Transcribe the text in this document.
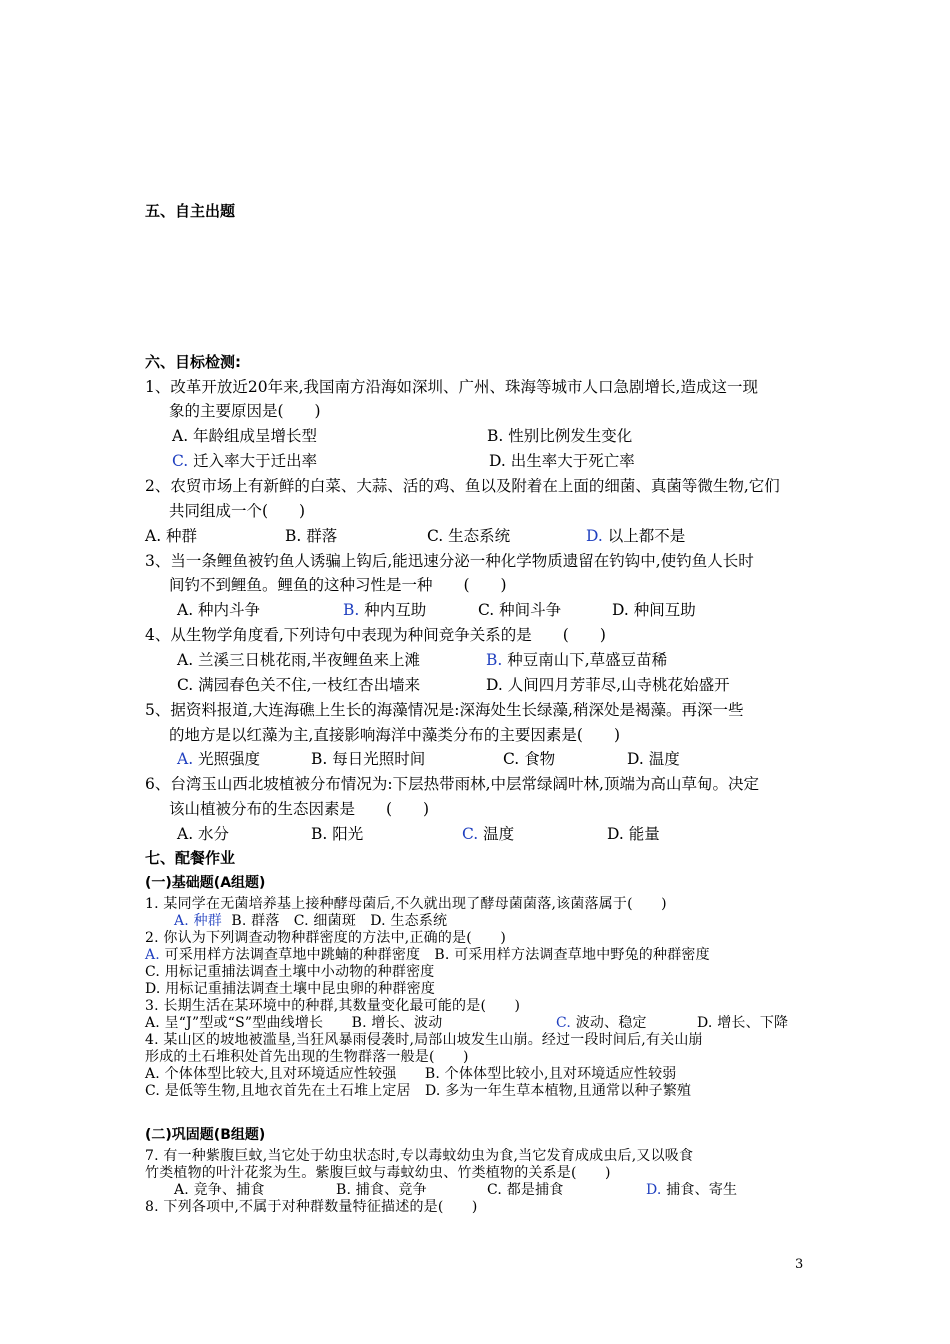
五、自主出题
六、目标检测:
1、改革开放近20年来,我国南方沿海如深圳、广州、珠海等城市人口急剧增长,造成这一现
象的主要原因是(　　)
A. 年龄组成呈增长型	B. 性别比例发生变化
C. 迁入率大于迁出率	D. 出生率大于死亡率
2、农贸市场上有新鲜的白菜、大蒜、活的鸡、鱼以及附着在上面的细菌、真菌等微生物,它们
共同组成一个(　　)
A. 种群	B. 群落	C. 生态系统	D. 以上都不是
3、当一条鲤鱼被钓鱼人诱骗上钩后,能迅速分泌一种化学物质遗留在钓钩中,使钓鱼人长时
间钓不到鲤鱼。鲤鱼的这种习性是一种　　(　　)
A. 种内斗争	B. 种内互助	C. 种间斗争	D. 种间互助
4、从生物学角度看,下列诗句中表现为种间竞争关系的是　　(　　)
A. 兰溪三日桃花雨,半夜鲤鱼来上滩	B. 种豆南山下,草盛豆苗稀
C. 满园春色关不住,一枝红杏出墙来	D. 人间四月芳菲尽,山寺桃花始盛开
5、据资料报道,大连海礁上生长的海藻情况是:深海处生长绿藻,稍深处是褐藻。再深一些
的地方是以红藻为主,直接影响海洋中藻类分布的主要因素是(　　)
A. 光照强度	B. 每日光照时间	C. 食物	D. 温度
6、台湾玉山西北坡植被分布情况为:下层热带雨林,中层常绿阔叶林,顶端为高山草甸。决定
该山植被分布的生态因素是　　(　　)
A. 水分	B. 阳光	C. 温度	D. 能量
七、配餐作业
(一)基础题(A组题)
1. 某同学在无菌培养基上接种酵母菌后,不久就出现了酵母菌菌落,该菌落属于(　　)
A. 种群 B. 群落　C. 细菌斑　D. 生态系统
2. 你认为下列调查动物种群密度的方法中,正确的是(　　)
A. 可采用样方法调查草地中跳蝻的种群密度　B. 可采用样方法调查草地中野兔的种群密度
C. 用标记重捕法调查土壤中小动物的种群密度
D. 用标记重捕法调查土壤中昆虫卵的种群密度
3. 长期生活在某环境中的种群,其数量变化最可能的是(　　)
A. 呈“J”型或“S”型曲线增长　　B. 增长、波动	C. 波动、稳定	D. 增长、下降
4. 某山区的坡地被滥垦,当狂风暴雨侵袭时,局部山坡发生山崩。经过一段时间后,有关山崩
形成的土石堆积处首先出现的生物群落一般是(　　)
A. 个体体型比较大,且对环境适应性较强　　B. 个体体型比较小,且对环境适应性较弱
C. 是低等生物,且地衣首先在土石堆上定居　D. 多为一年生草本植物,且通常以种子繁殖
(二)巩固题(B组题)
7. 有一种紫腹巨蚊,当它处于幼虫状态时,专以毒蚊幼虫为食,当它发育成成虫后,又以吸食
竹类植物的叶汁花浆为生。紫腹巨蚊与毒蚊幼虫、竹类植物的关系是(　　)
A. 竞争、捕食	B. 捕食、竞争	C. 都是捕食	D. 捕食、寄生
8. 下列各项中,不属于对种群数量特征描述的是(　　)
3
